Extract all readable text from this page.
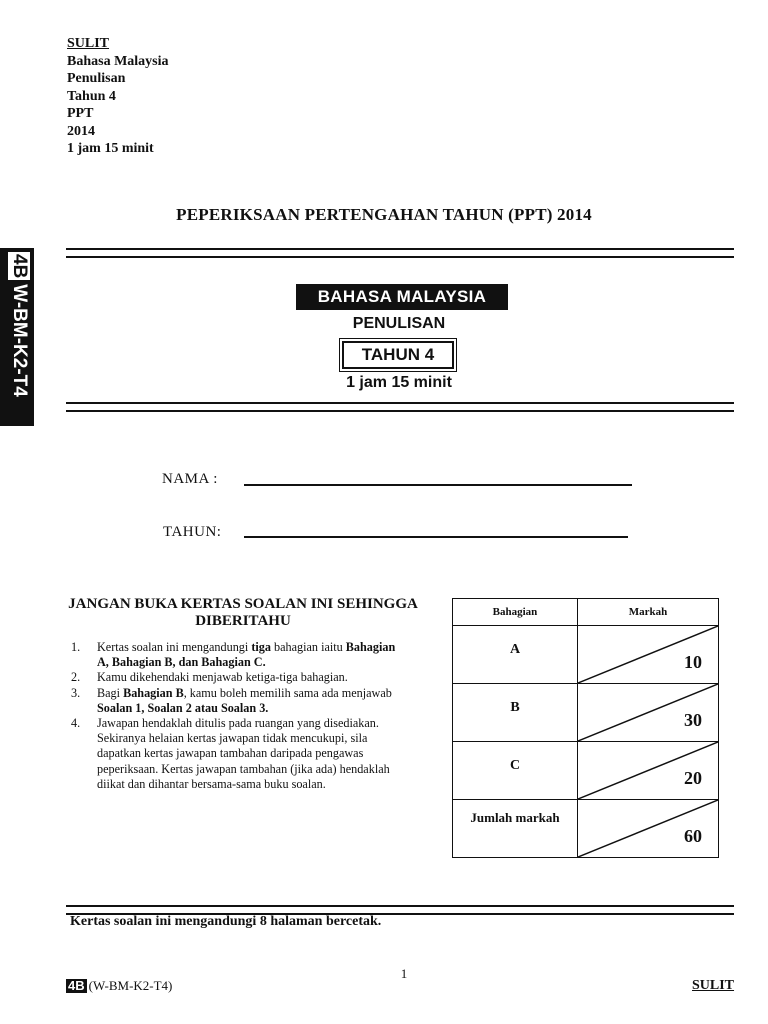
SULIT
Bahasa Malaysia
Penulisan
Tahun 4
PPT
2014
1 jam 15 minit
PEPERIKSAAN PERTENGAHAN TAHUN (PPT) 2014
4BW-BM-K2-T4	BAHASA MALAYSIA
PENULISAN
TAHUN 4
1 jam 15 minit
NAMA :
TAHUN:
JANGAN BUKA KERTAS SOALAN INI SEHINGGA DIBERITAHU
1. Kertas soalan ini mengandungi tiga bahagian iaitu Bahagian A, Bahagian B, dan Bahagian C.
2. Kamu dikehendaki menjawab ketiga-tiga bahagian.
3. Bagi Bahagian B, kamu boleh memilih sama ada menjawab Soalan 1, Soalan 2 atau Soalan 3.
4. Jawapan hendaklah ditulis pada ruangan yang disediakan. Sekiranya helaian kertas jawapan tidak mencukupi, sila dapatkan kertas jawapan tambahan daripada pengawas peperiksaan. Kertas jawapan tambahan (jika ada) hendaklah diikat dan dihantar bersama-sama buku soalan.
Bahagian	Markah

A	10

B	30

C	20

Jumlah markah	60
Kertas soalan ini mengandungi 8 halaman bercetak.
1
4B (W-BM-K2-T4)	SULIT
